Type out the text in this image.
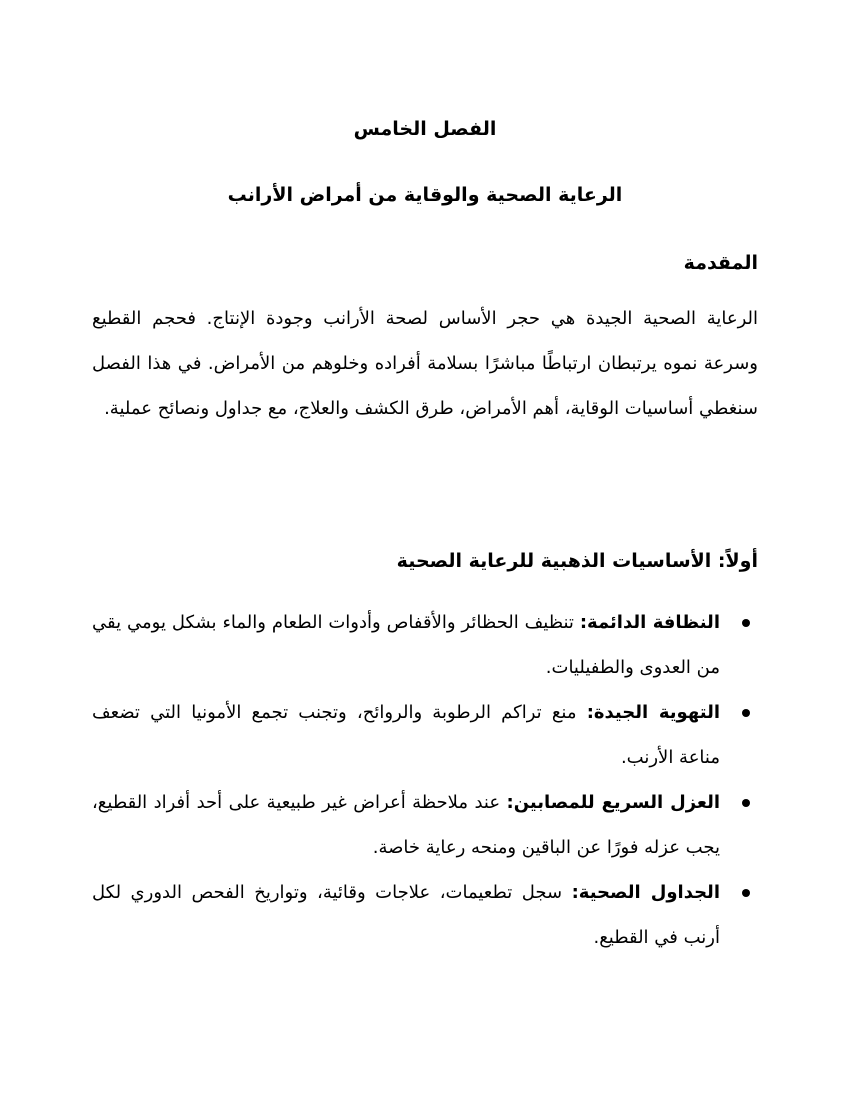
الفصل الخامس
الرعاية الصحية والوقاية من أمراض الأرانب
المقدمة

الرعاية الصحية الجيدة هي حجر الأساس لصحة الأرانب وجودة الإنتاج. فحجم القطيع وسرعة نموه يرتبطان ارتباطًا مباشرًا بسلامة أفراده وخلوهم من الأمراض. في هذا الفصل سنغطي أساسيات الوقاية، أهم الأمراض، طرق الكشف والعلاج، مع جداول ونصائح عملية.

أولاً: الأساسيات الذهبية للرعاية الصحية
النظافة الدائمة: تنظيف الحظائر والأقفاص وأدوات الطعام والماء بشكل يومي يقي من العدوى والطفيليات.
التهوية الجيدة: منع تراكم الرطوبة والروائح، وتجنب تجمع الأمونيا التي تضعف مناعة الأرنب.
العزل السريع للمصابين: عند ملاحظة أعراض غير طبيعية على أحد أفراد القطيع، يجب عزله فورًا عن الباقين ومنحه رعاية خاصة.
الجداول الصحية: سجل تطعيمات، علاجات وقائية، وتواريخ الفحص الدوري لكل أرنب في القطيع.
